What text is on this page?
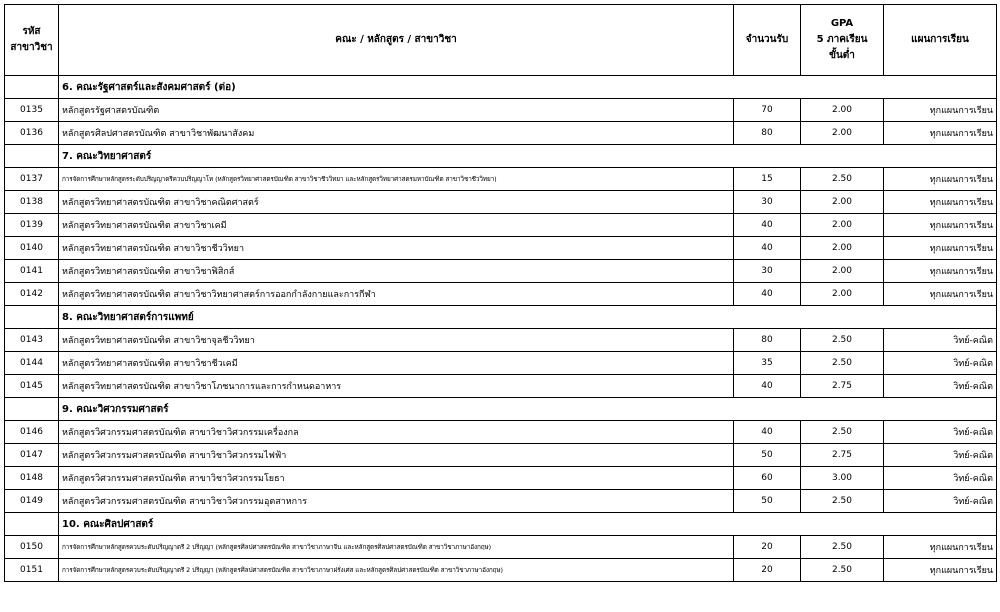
รหัส
สาขาวิชา	คณะ / หลักสูตร / สาขาวิชา	จำนวนรับ	GPA
5 ภาคเรียน
ขั้นต่ำ	แผนการเรียน
	6. คณะรัฐศาสตร์และสังคมศาสตร์ (ต่อ)			
0135	หลักสูตรรัฐศาสตรบัณฑิต	70	2.00	ทุกแผนการเรียน
0136	หลักสูตรศิลปศาสตรบัณฑิต สาขาวิชาพัฒนาสังคม	80	2.00	ทุกแผนการเรียน
	7. คณะวิทยาศาสตร์			
0137	การจัดการศึกษาหลักสูตรระดับปริญญาตรีควบปริญญาโท (หลักสูตรวิทยาศาสตรบัณฑิต สาขาวิชาชีววิทยา และหลักสูตรวิทยาศาสตรมหาบัณฑิต สาขาวิชาชีววิทยา)	15	2.50	ทุกแผนการเรียน
0138	หลักสูตรวิทยาศาสตรบัณฑิต สาขาวิชาคณิตศาสตร์	30	2.00	ทุกแผนการเรียน
0139	หลักสูตรวิทยาศาสตรบัณฑิต สาขาวิชาเคมี	40	2.00	ทุกแผนการเรียน
0140	หลักสูตรวิทยาศาสตรบัณฑิต สาขาวิชาชีววิทยา	40	2.00	ทุกแผนการเรียน
0141	หลักสูตรวิทยาศาสตรบัณฑิต สาขาวิชาฟิสิกส์	30	2.00	ทุกแผนการเรียน
0142	หลักสูตรวิทยาศาสตรบัณฑิต สาขาวิชาวิทยาศาสตร์การออกกำลังกายและการกีฬา	40	2.00	ทุกแผนการเรียน
	8. คณะวิทยาศาสตร์การแพทย์			
0143	หลักสูตรวิทยาศาสตรบัณฑิต สาขาวิชาจุลชีววิทยา	80	2.50	วิทย์-คณิต
0144	หลักสูตรวิทยาศาสตรบัณฑิต สาขาวิชาชีวเคมี	35	2.50	วิทย์-คณิต
0145	หลักสูตรวิทยาศาสตรบัณฑิต สาขาวิชาโภชนาการและการกำหนดอาหาร	40	2.75	วิทย์-คณิต
	9. คณะวิศวกรรมศาสตร์			
0146	หลักสูตรวิศวกรรมศาสตรบัณฑิต สาขาวิชาวิศวกรรมเครื่องกล	40	2.50	วิทย์-คณิต
0147	หลักสูตรวิศวกรรมศาสตรบัณฑิต สาขาวิชาวิศวกรรมไฟฟ้า	50	2.75	วิทย์-คณิต
0148	หลักสูตรวิศวกรรมศาสตรบัณฑิต สาขาวิชาวิศวกรรมโยธา	60	3.00	วิทย์-คณิต
0149	หลักสูตรวิศวกรรมศาสตรบัณฑิต สาขาวิชาวิศวกรรมอุตสาหการ	50	2.50	วิทย์-คณิต
	10. คณะศิลปศาสตร์			
0150	การจัดการศึกษาหลักสูตรควบระดับปริญญาตรี 2 ปริญญา (หลักสูตรศิลปศาสตรบัณฑิต สาขาวิชาภาษาจีน และหลักสูตรศิลปศาสตรบัณฑิต สาขาวิชาภาษาอังกฤษ)	20	2.50	ทุกแผนการเรียน
0151	การจัดการศึกษาหลักสูตรควบระดับปริญญาตรี 2 ปริญญา (หลักสูตรศิลปศาสตรบัณฑิต สาขาวิชาภาษาฝรั่งเศส และหลักสูตรศิลปศาสตรบัณฑิต สาขาวิชาภาษาอังกฤษ)	20	2.50	ทุกแผนการเรียน
